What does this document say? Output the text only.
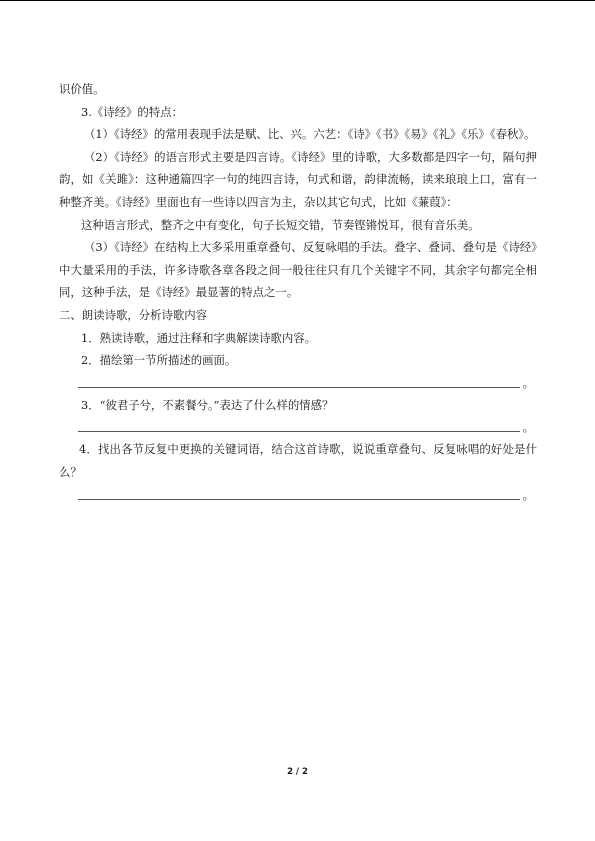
识价值。

3.《诗经》的特点：

（1）《诗经》的常用表现手法是赋、比、兴。六艺：《诗》《书》《易》《礼》《乐》《春秋》。

（2）《诗经》的语言形式主要是四言诗。《诗经》里的诗歌，大多数都是四字一句，隔句押韵，如《关雎》：这种通篇四字一句的纯四言诗，句式和谐，韵律流畅，读来琅琅上口，富有一种整齐美。《诗经》里面也有一些诗以四言为主，杂以其它句式，比如《蒹葭》：

这种语言形式，整齐之中有变化，句子长短交错，节奏铿锵悦耳，很有音乐美。

（3）《诗经》在结构上大多采用重章叠句、反复咏唱的手法。叠字、叠词、叠句是《诗经》中大量采用的手法，许多诗歌各章各段之间一般往往只有几个关键字不同，其余字句都完全相同，这种手法，是《诗经》最显著的特点之一。

二、朗读诗歌，分析诗歌内容

1．熟读诗歌，通过注释和字典解读诗歌内容。

2．描绘第一节所描述的画面。

。

3．“彼君子兮，不素餐兮。”表达了什么样的情感？

。

4．找出各节反复中更换的关键词语，结合这首诗歌，说说重章叠句、反复咏唱的好处是什么？

。
2 / 2
